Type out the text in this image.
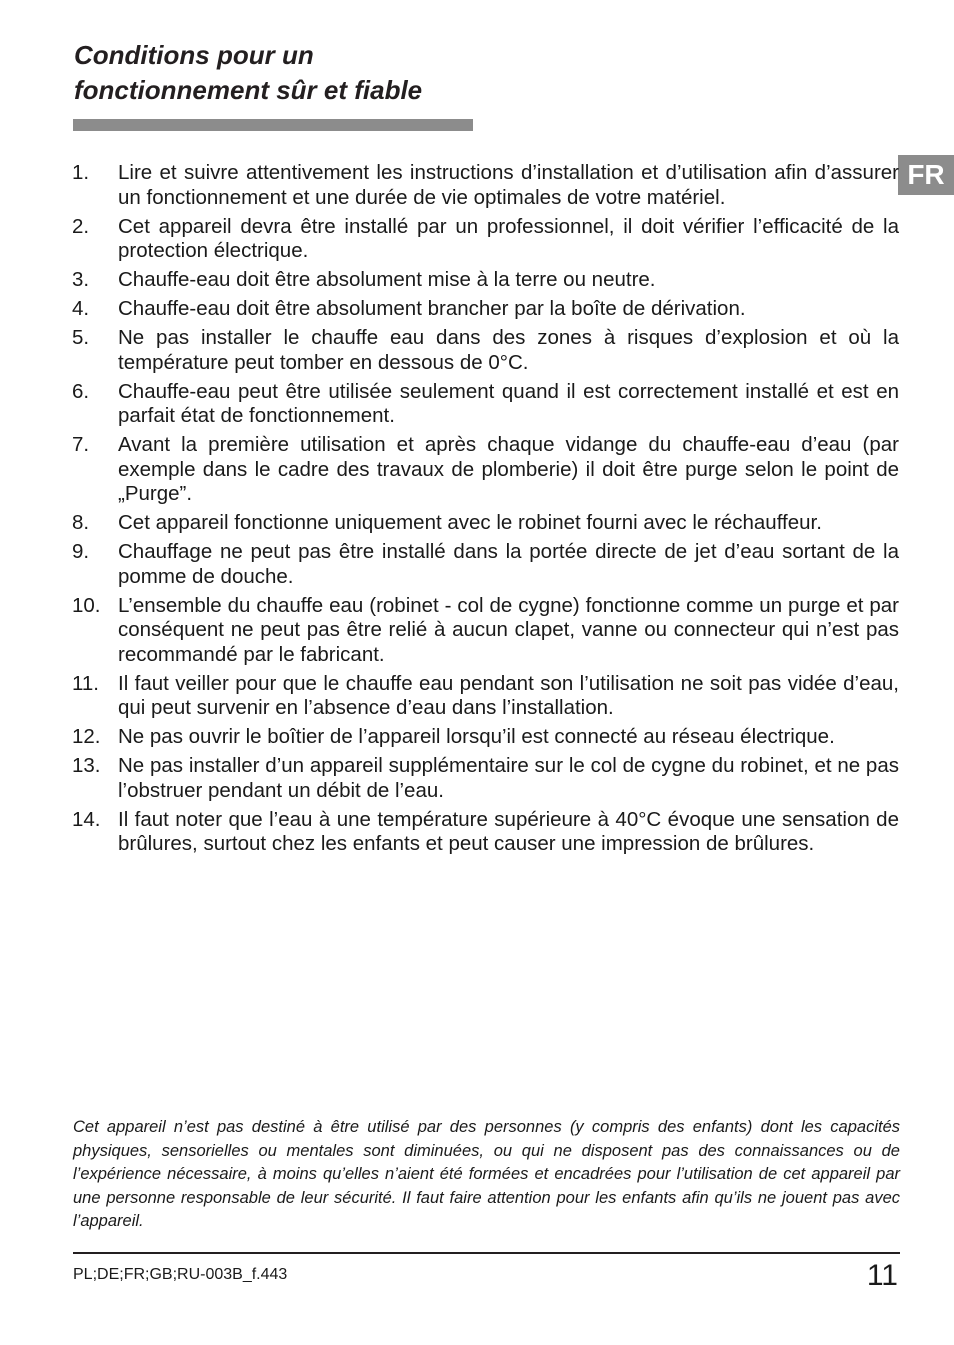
Conditions pour un
fonctionnement sûr et fiable
FR
1.	Lire et suivre attentivement les instructions d’installation et d’utilisation afin d’assurer un fonctionnement et une durée de vie optimales de votre matériel.
2.	Cet appareil devra être installé par un professionnel, il doit vérifier l’efficacité de la protection électrique.
3.	Chauffe-eau doit être absolument mise à la terre ou neutre.
4.	Chauffe-eau doit être absolument brancher par la boîte de dérivation.
5.	Ne pas installer le chauffe eau dans des zones à risques d’explosion et où la température peut tomber en dessous de 0°C.
6.	Chauffe-eau peut être utilisée seulement quand il est correctement installé et est en parfait état de fonctionnement.
7.	Avant la première utilisation et après chaque vidange du chauffe-eau d’eau (par exemple dans le cadre des travaux de plomberie) il doit être purge selon le point de „Purge”.
8.	Cet appareil fonctionne uniquement avec le robinet fourni avec le réchauffeur.
9.	Chauffage ne peut pas être installé dans la portée directe de jet d’eau sortant de la pomme de douche.
10. L’ensemble du chauffe eau (robinet - col de cygne) fonctionne comme un purge et par conséquent ne peut pas être relié à aucun clapet, vanne ou connecteur qui n’est pas recommandé par le fabricant.
11. Il faut veiller pour que le chauffe eau pendant son l’utilisation ne soit pas vidée d’eau, qui peut survenir en l’absence d’eau dans l’installation.
12. Ne pas ouvrir le boîtier de l’appareil lorsqu’il est connecté au réseau électrique.
13. Ne pas installer d’un appareil supplémentaire sur le col de cygne du robinet, et ne pas l’obstruer pendant un débit de l’eau.
14. Il faut noter que l’eau à une température supérieure à 40°C évoque une sensation de brûlures, surtout chez les enfants et peut causer une impression de brûlures.

Cet appareil n’est pas destiné à être utilisé par des personnes (y compris des enfants) dont les capacités physiques, sensorielles ou mentales sont diminuées, ou qui ne disposent pas des connaissances ou de l’expérience nécessaire, à moins qu’elles n’aient été formées et encadrées pour l’utilisation de cet appareil par une personne responsable de leur sécurité. Il faut faire attention pour les enfants afin qu’ils ne jouent pas avec l’appareil.

PL;DE;FR;GB;RU-003B_f.443	11
